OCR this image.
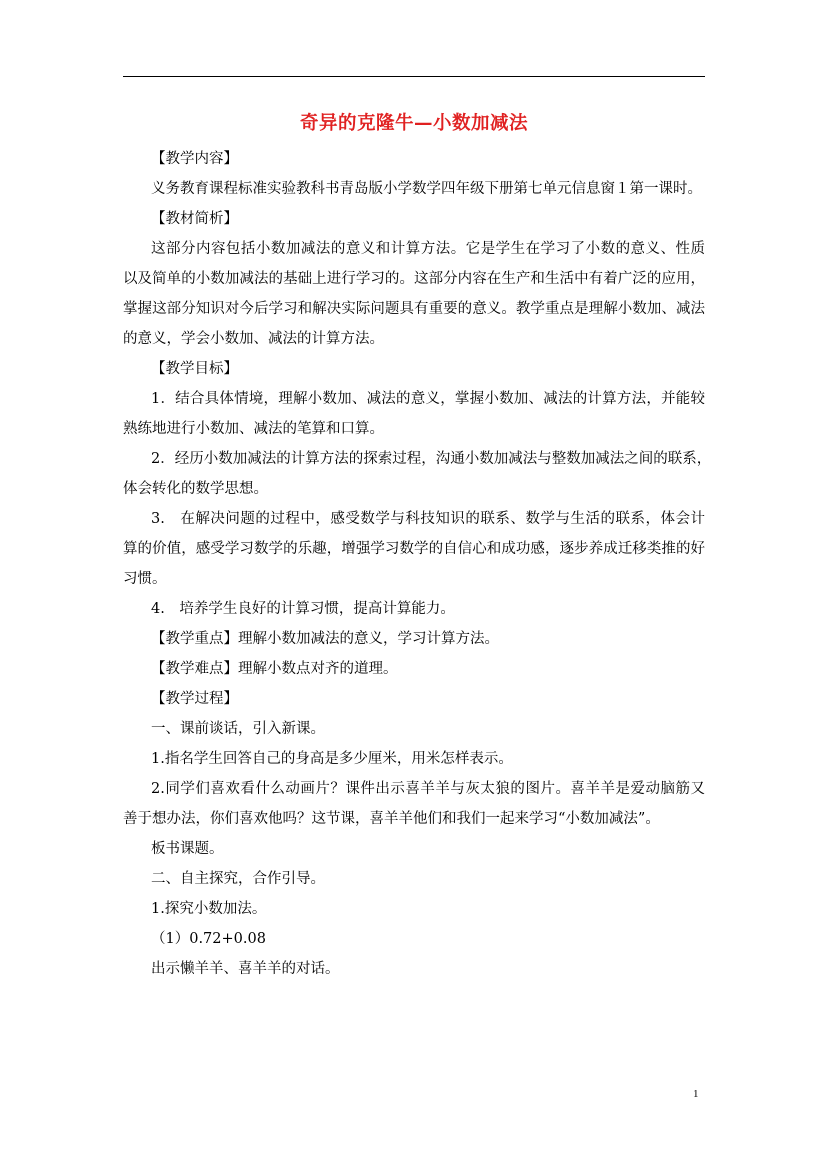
奇异的克隆牛—小数加减法
【教学内容】
义务教育课程标准实验教科书青岛版小学数学四年级下册第七单元信息窗１第一课时。
【教材简析】
这部分内容包括小数加减法的意义和计算方法。它是学生在学习了小数的意义、性质
以及简单的小数加减法的基础上进行学习的。这部分内容在生产和生活中有着广泛的应用，
掌握这部分知识对今后学习和解决实际问题具有重要的意义。教学重点是理解小数加、减法
的意义，学会小数加、减法的计算方法。
【教学目标】
1．结合具体情境，理解小数加、减法的意义，掌握小数加、减法的计算方法，并能较
熟练地进行小数加、减法的笔算和口算。
2．经历小数加减法的计算方法的探索过程，沟通小数加减法与整数加减法之间的联系，
体会转化的数学思想。
3.　在解决问题的过程中，感受数学与科技知识的联系、数学与生活的联系，体会计
算的价值，感受学习数学的乐趣，增强学习数学的自信心和成功感，逐步养成迁移类推的好
习惯。
4.　培养学生良好的计算习惯，提高计算能力。
【教学重点】理解小数加减法的意义，学习计算方法。
【教学难点】理解小数点对齐的道理。
【教学过程】
一、课前谈话，引入新课。
1.指名学生回答自己的身高是多少厘米，用米怎样表示。
2.同学们喜欢看什么动画片？课件出示喜羊羊与灰太狼的图片。喜羊羊是爱动脑筋又
善于想办法，你们喜欢他吗？这节课，喜羊羊他们和我们一起来学习“小数加减法”。
板书课题。
二、自主探究，合作引导。
1.探究小数加法。
（1）0.72+0.08
出示懒羊羊、喜羊羊的对话。
1
